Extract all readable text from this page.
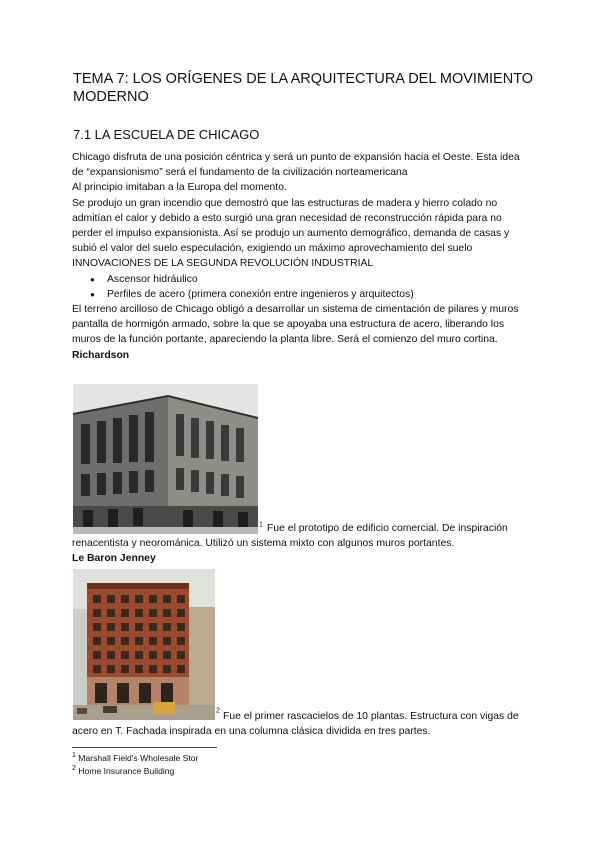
TEMA 7: LOS ORÍGENES DE LA ARQUITECTURA DEL MOVIMIENTO MODERNO
7.1 LA ESCUELA DE CHICAGO

Chicago disfruta de una posición céntrica y será un punto de expansión hacia el Oeste. Esta idea de “expansionismo” será el fundamento de la civilización norteamericana

Al principio imitaban a la Europa del momento.

Se produjo un gran incendio que demostró que las estructuras de madera y hierro colado no admitían el calor y debido a esto surgió una gran necesidad de reconstrucción rápida para no perder el impulso expansionista. Así se produjo un aumento demográfico, demanda de casas y subió el valor del suelo especulación, exigiendo un máximo aprovechamiento del suelo

INNOVACIONES DE LA SEGUNDA REVOLUCIÓN INDUSTRIAL

● Ascensor hidráulico
● Perfiles de acero (primera conexión entre ingenieros y arquitectos)

El terreno arcilloso de Chicago obligó a desarrollar un sistema de cimentación de pilares y muros pantalla de hormigón armado, sobre la que se apoyaba una estructura de acero, liberando los muros de la función portante, apareciendo la planta libre. Será el comienzo del muro cortina.

Richardson

$^1$ Fue el prototipo de edificio comercial. De inspiración renacentista y neorománica. Utilizó un sistema mixto con algunos muros portantes.

Le Baron Jenney

$^2$ Fue el primer rascacielos de 10 plantas. Estructura con vigas de acero en T. Fachada inspirada en una columna clásica dividida en tres partes.

$^1$ Marshall Field's Wholesale Stor
$^2$ Home Insurance Building
